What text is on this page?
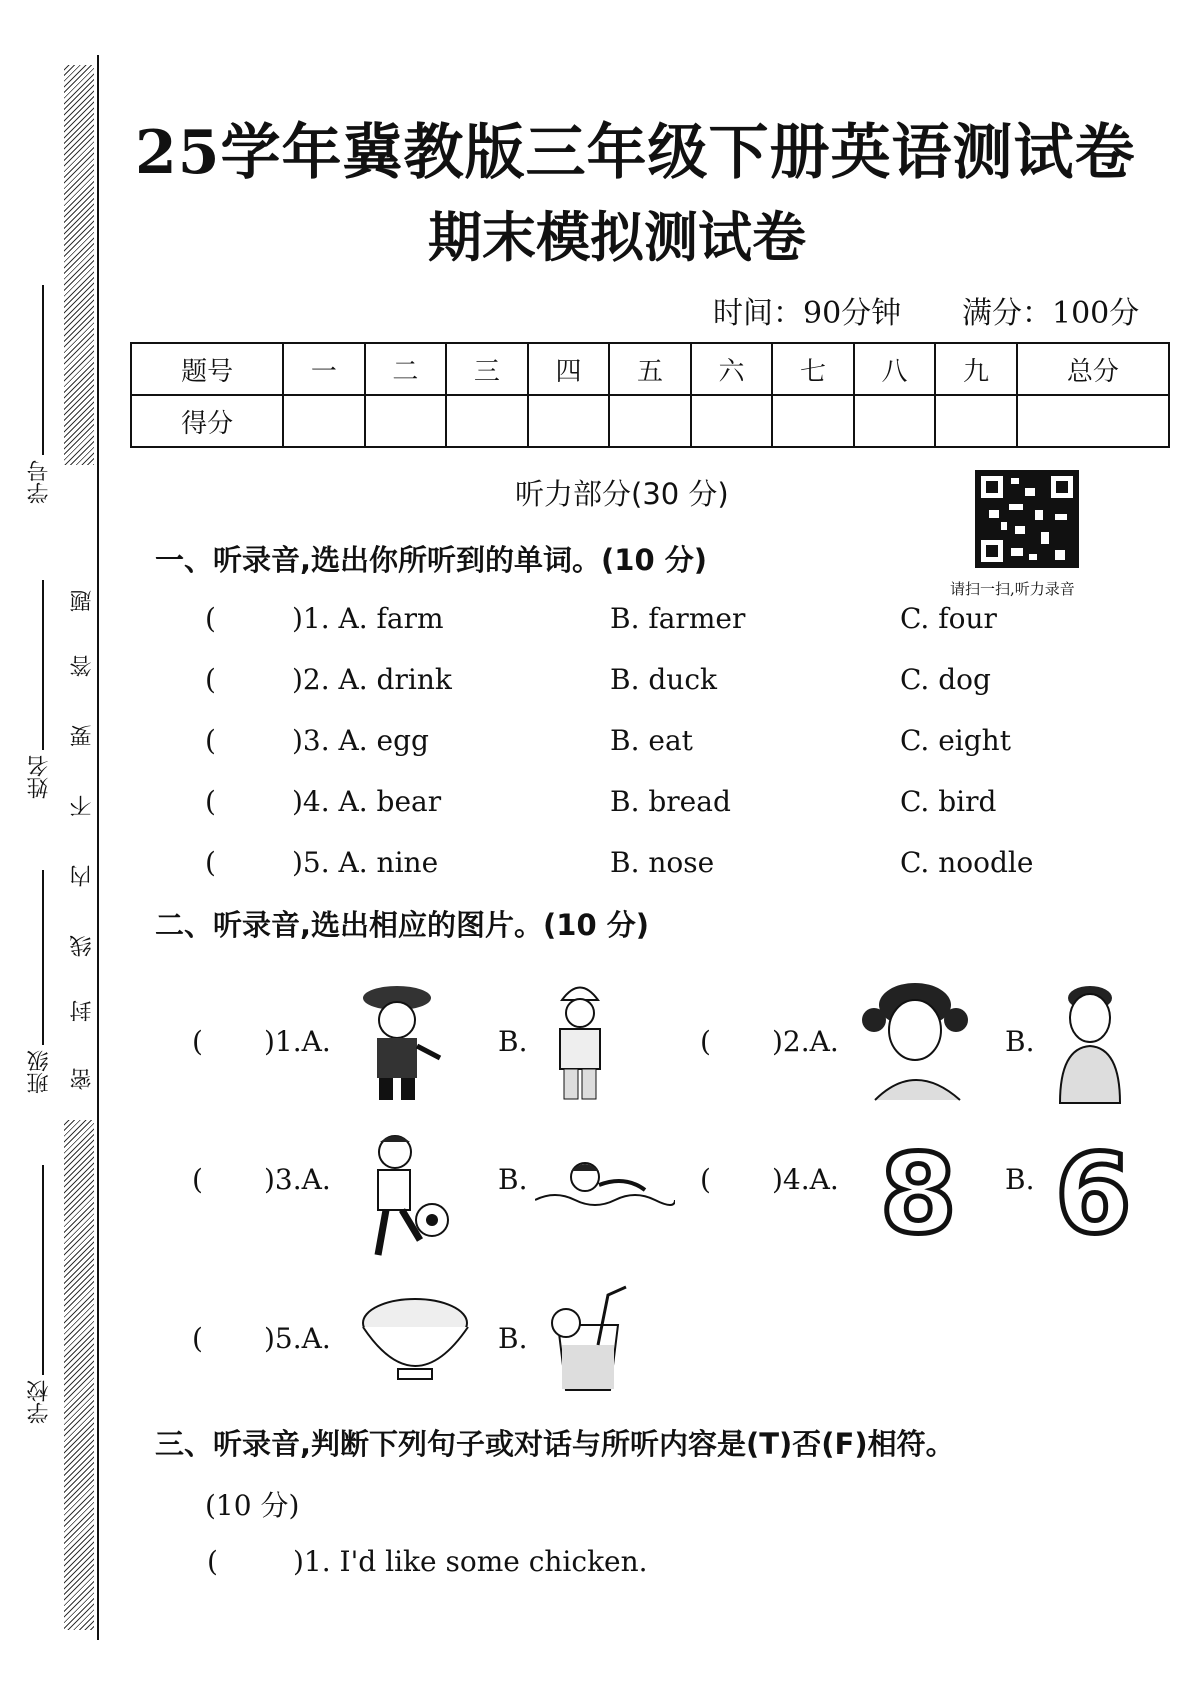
学号
姓名
班级
学校
题
答
要
不
内
线
封
密
25学年冀教版三年级下册英语测试卷
期末模拟测试卷
时间：90分钟 满分：100分
题号	一	二	三	四	五	六	七	八	九	总分
得分										
听力部分(30 分)
请扫一扫,听力录音
一、听录音,选出你所听到的单词。(10 分)
二、听录音,选出相应的图片。(10 分)
8 6
三、听录音,判断下列句子或对话与所听内容是(T)否(F)相符。
(10 分)
(	)1. I'd like some chicken.
(	)1. A. farm	B. farmer	C. four
(	)2. A. drink	B. duck	C. dog
(	)3. A. egg	B. eat	C. eight
(	)4. A. bear	B. bread	C. bird
(	)5. A. nine	B. nose	C. noodle
( )1.A.	B.	( )2.A.	B.
( )3.A.	B.	( )4.A.	B.
( )5.A.	B.
